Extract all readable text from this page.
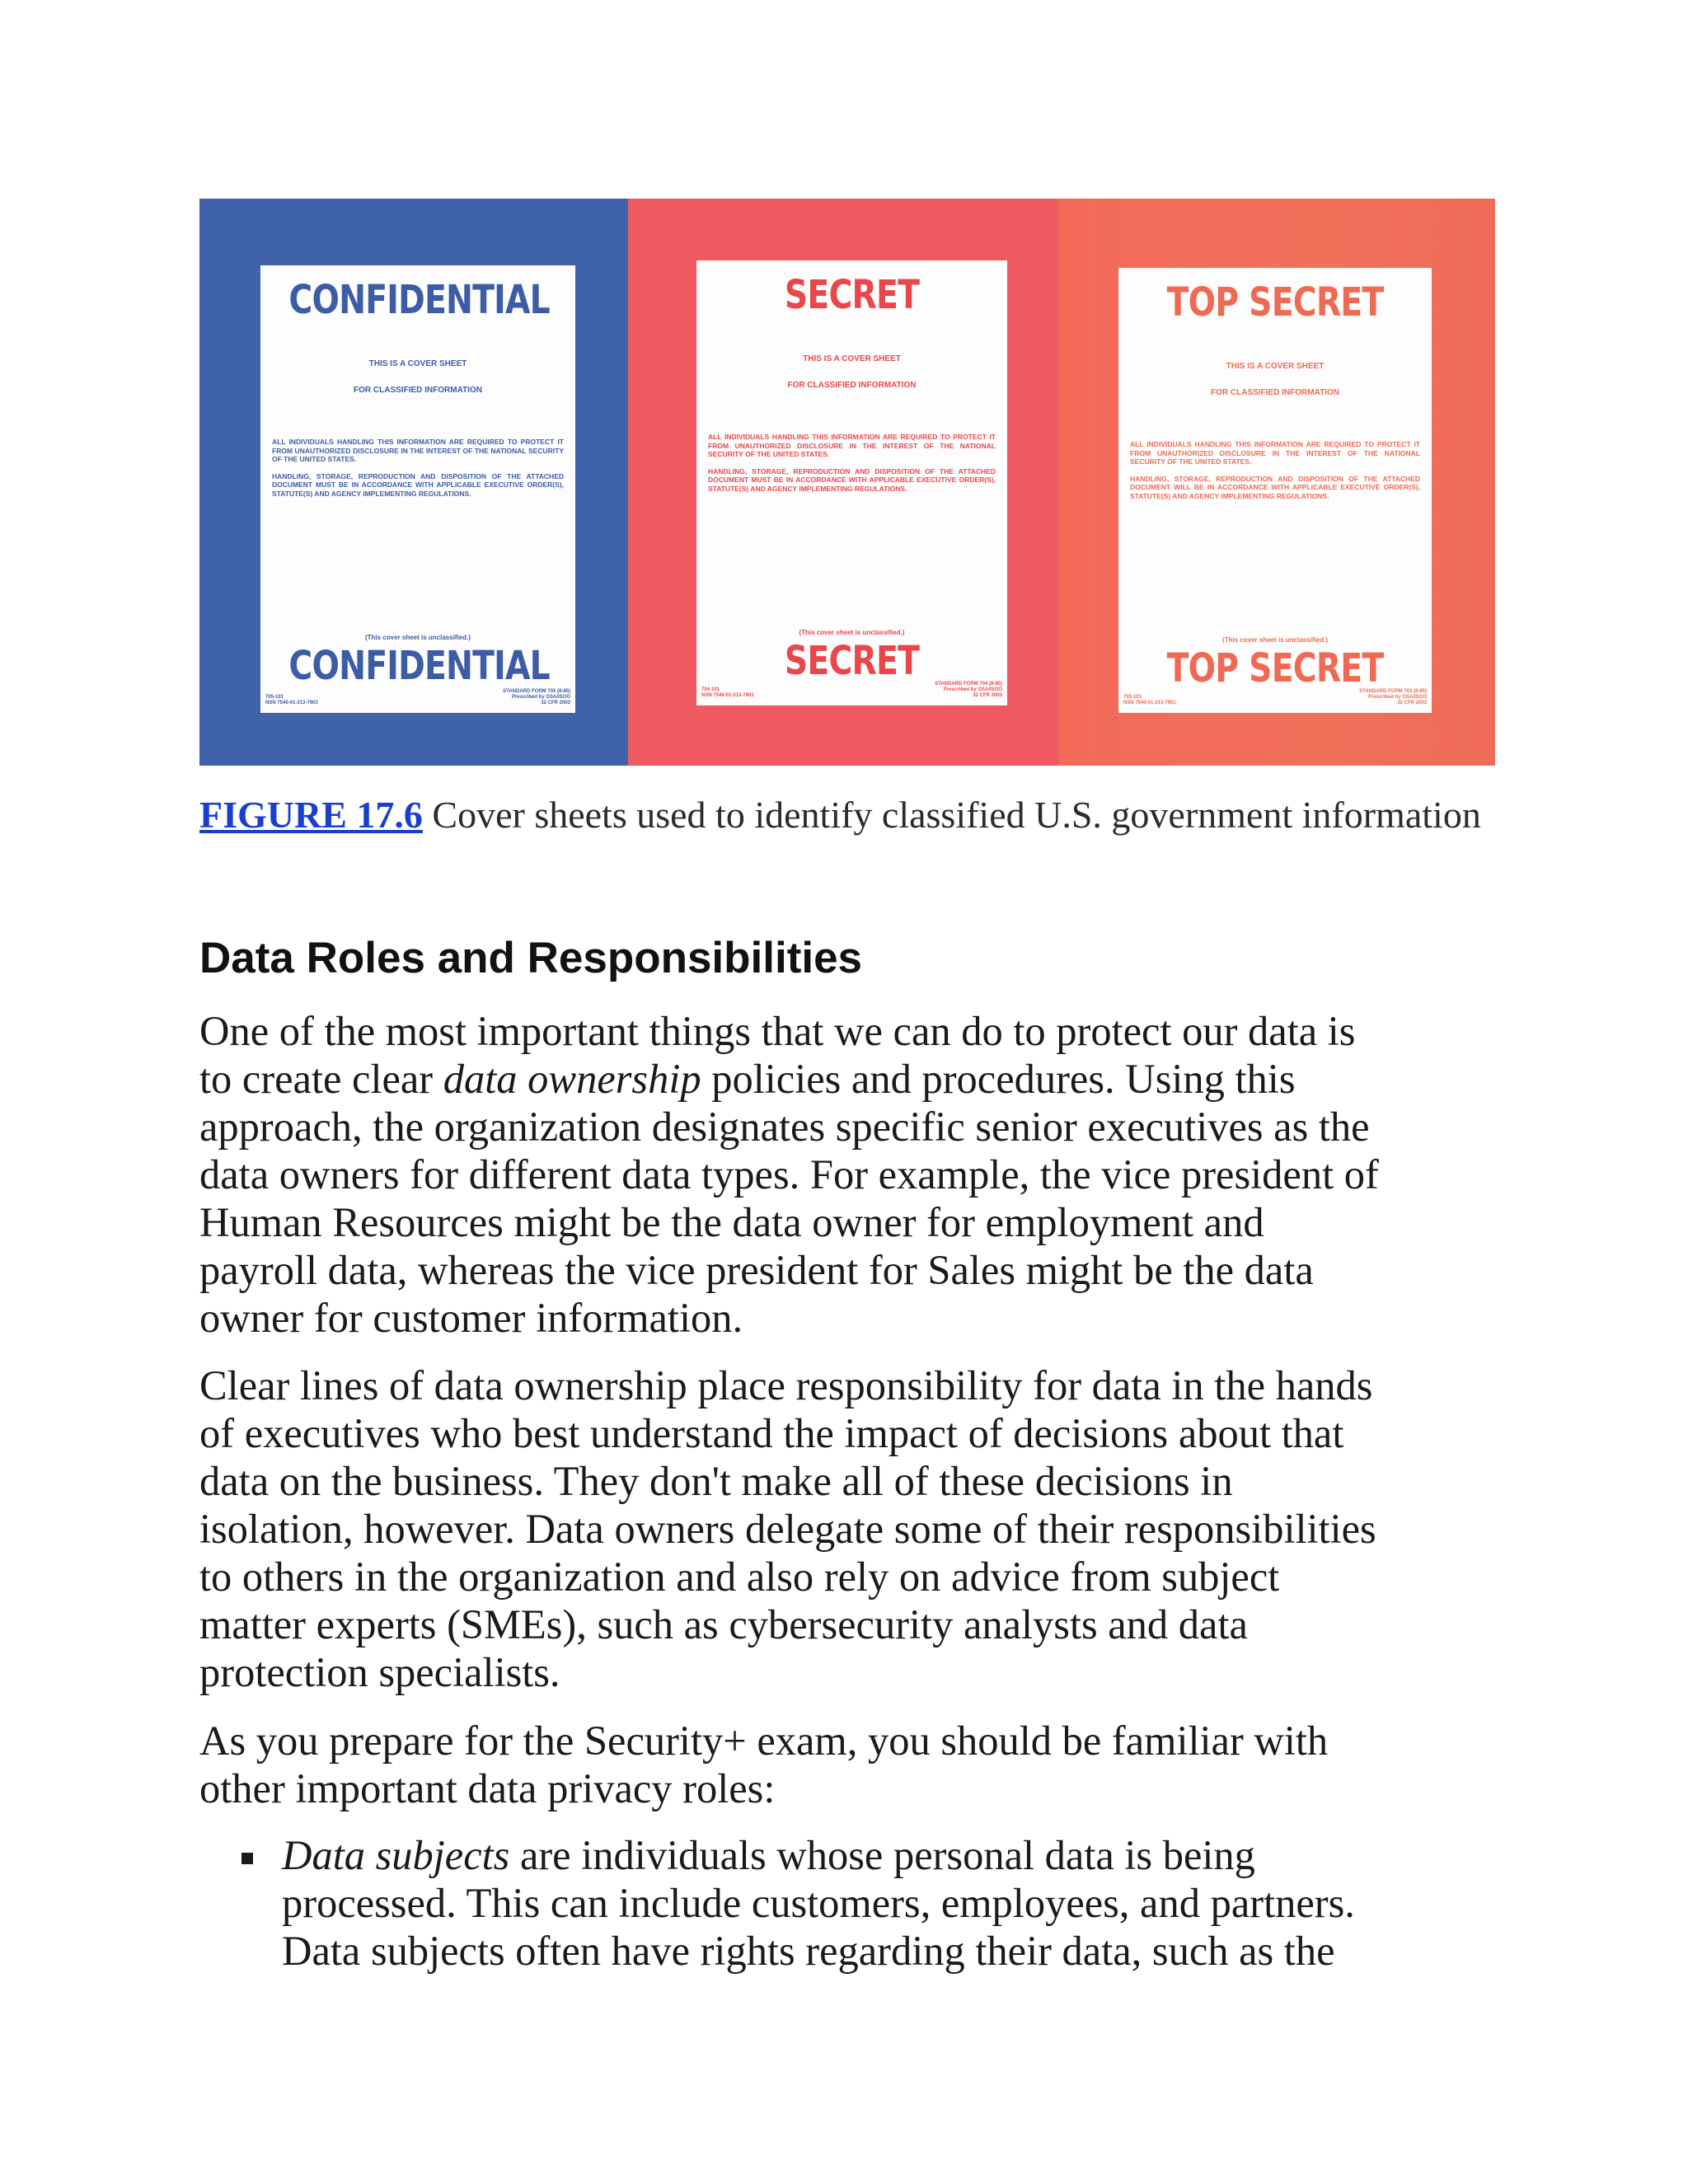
CONFIDENTIAL
THIS IS A COVER SHEET
FOR CLASSIFIED INFORMATION
ALL INDIVIDUALS HANDLING THIS INFORMATION ARE REQUIRED TO PROTECT IT FROM UNAUTHORIZED DISCLOSURE IN THE INTEREST OF THE NATIONAL SECURITY OF THE UNITED STATES.
HANDLING, STORAGE, REPRODUCTION AND DISPOSITION OF THE ATTACHED DOCUMENT MUST BE IN ACCORDANCE WITH APPLICABLE EXECUTIVE ORDER(S), STATUTE(S) AND AGENCY IMPLEMENTING REGULATIONS.
(This cover sheet is unclassified.)
CONFIDENTIAL
705-101
NSN 7540-01-213-7903
STANDARD FORM 705 (8-85)
Prescribed by GSA/ISOO
32 CFR 2003
SECRET
THIS IS A COVER SHEET
FOR CLASSIFIED INFORMATION
ALL INDIVIDUALS HANDLING THIS INFORMATION ARE REQUIRED TO PROTECT IT FROM UNAUTHORIZED DISCLOSURE IN THE INTEREST OF THE NATIONAL SECURITY OF THE UNITED STATES.
HANDLING, STORAGE, REPRODUCTION AND DISPOSITION OF THE ATTACHED DOCUMENT MUST BE IN ACCORDANCE WITH APPLICABLE EXECUTIVE ORDER(S), STATUTE(S) AND AGENCY IMPLEMENTING REGULATIONS.
(This cover sheet is unclassified.)
SECRET
704-101
NSN 7540-01-213-7902
STANDARD FORM 704 (8-85)
Prescribed by GSA/ISOO
32 CFR 2003
TOP SECRET
THIS IS A COVER SHEET
FOR CLASSIFIED INFORMATION
ALL INDIVIDUALS HANDLING THIS INFORMATION ARE REQUIRED TO PROTECT IT FROM UNAUTHORIZED DISCLOSURE IN THE INTEREST OF THE NATIONAL SECURITY OF THE UNITED STATES.
HANDLING, STORAGE, REPRODUCTION AND DISPOSITION OF THE ATTACHED DOCUMENT WILL BE IN ACCORDANCE WITH APPLICABLE EXECUTIVE ORDER(S), STATUTE(S) AND AGENCY IMPLEMENTING REGULATIONS.
(This cover sheet is unclassified.)
TOP SECRET
703-101
NSN 7540-01-213-7901
STANDARD FORM 703 (8-85)
Prescribed by GSA/ISOO
32 CFR 2003
FIGURE 17.6 Cover sheets used to identify classified U.S. government information
Data Roles and Responsibilities
One of the most important things that we can do to protect our data is
to create clear data ownership policies and procedures. Using this
approach, the organization designates specific senior executives as the
data owners for different data types. For example, the vice president of
Human Resources might be the data owner for employment and
payroll data, whereas the vice president for Sales might be the data
owner for customer information.
Clear lines of data ownership place responsibility for data in the hands
of executives who best understand the impact of decisions about that
data on the business. They don't make all of these decisions in
isolation, however. Data owners delegate some of their responsibilities
to others in the organization and also rely on advice from subject
matter experts (SMEs), such as cybersecurity analysts and data
protection specialists.
As you prepare for the Security+ exam, you should be familiar with
other important data privacy roles:
Data subjects are individuals whose personal data is being
processed. This can include customers, employees, and partners.
Data subjects often have rights regarding their data, such as the
